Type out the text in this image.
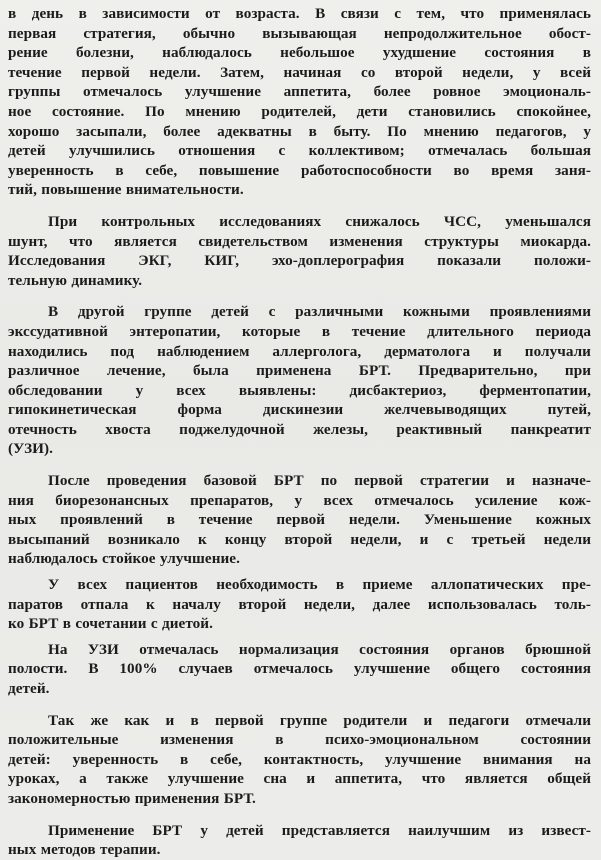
в день в зависимости от возраста. В связи с тем, что применялась
первая стратегия, обычно вызывающая непродолжительное обост-
рение болезни, наблюдалось небольшое ухудшение состояния в
течение первой недели. Затем, начиная со второй недели, у всей
группы отмечалось улучшение аппетита, более ровное эмоциональ-
ное состояние. По мнению родителей, дети становились спокойнее,
хорошо засыпали, более адекватны в быту. По мнению педагогов, у
детей улучшились отношения с коллективом; отмечалась большая
уверенность в себе, повышение работоспособности во время заня-
тий, повышение внимательности.

При контрольных исследованиях снижалось ЧСС, уменьшался
шунт, что является свидетельством изменения структуры миокарда.
Исследования ЭКГ, КИГ, эхо-доплерография показали положи-
тельную динамику.

В другой группе детей с различными кожными проявлениями
экссудативной энтеропатии, которые в течение длительного периода
находились под наблюдением аллерголога, дерматолога и получали
различное лечение, была применена БРТ. Предварительно, при
обследовании у всех выявлены: дисбактериоз, ферментопатии,
гипокинетическая форма дискинезии желчевыводящих путей,
отечность хвоста поджелудочной железы, реактивный панкреатит
(УЗИ).

После проведения базовой БРТ по первой стратегии и назначе-
ния биорезонансных препаратов, у всех отмечалось усиление кож-
ных проявлений в течение первой недели. Уменьшение кожных
высыпаний возникало к концу второй недели, и с третьей недели
наблюдалось стойкое улучшение.

У всех пациентов необходимость в приеме аллопатических пре-
паратов отпала к началу второй недели, далее использовалась толь-
ко БРТ в сочетании с диетой.

На УЗИ отмечалась нормализация состояния органов брюшной
полости. В 100% случаев отмечалось улучшение общего состояния
детей.

Так же как и в первой группе родители и педагоги отмечали
положительные изменения в психо-эмоциональном состоянии
детей: уверенность в себе, контактность, улучшение внимания на
уроках, а также улучшение сна и аппетита, что является общей
закономерностью применения БРТ.

Применение БРТ у детей представляется наилучшим из извест-
ных методов терапии.
